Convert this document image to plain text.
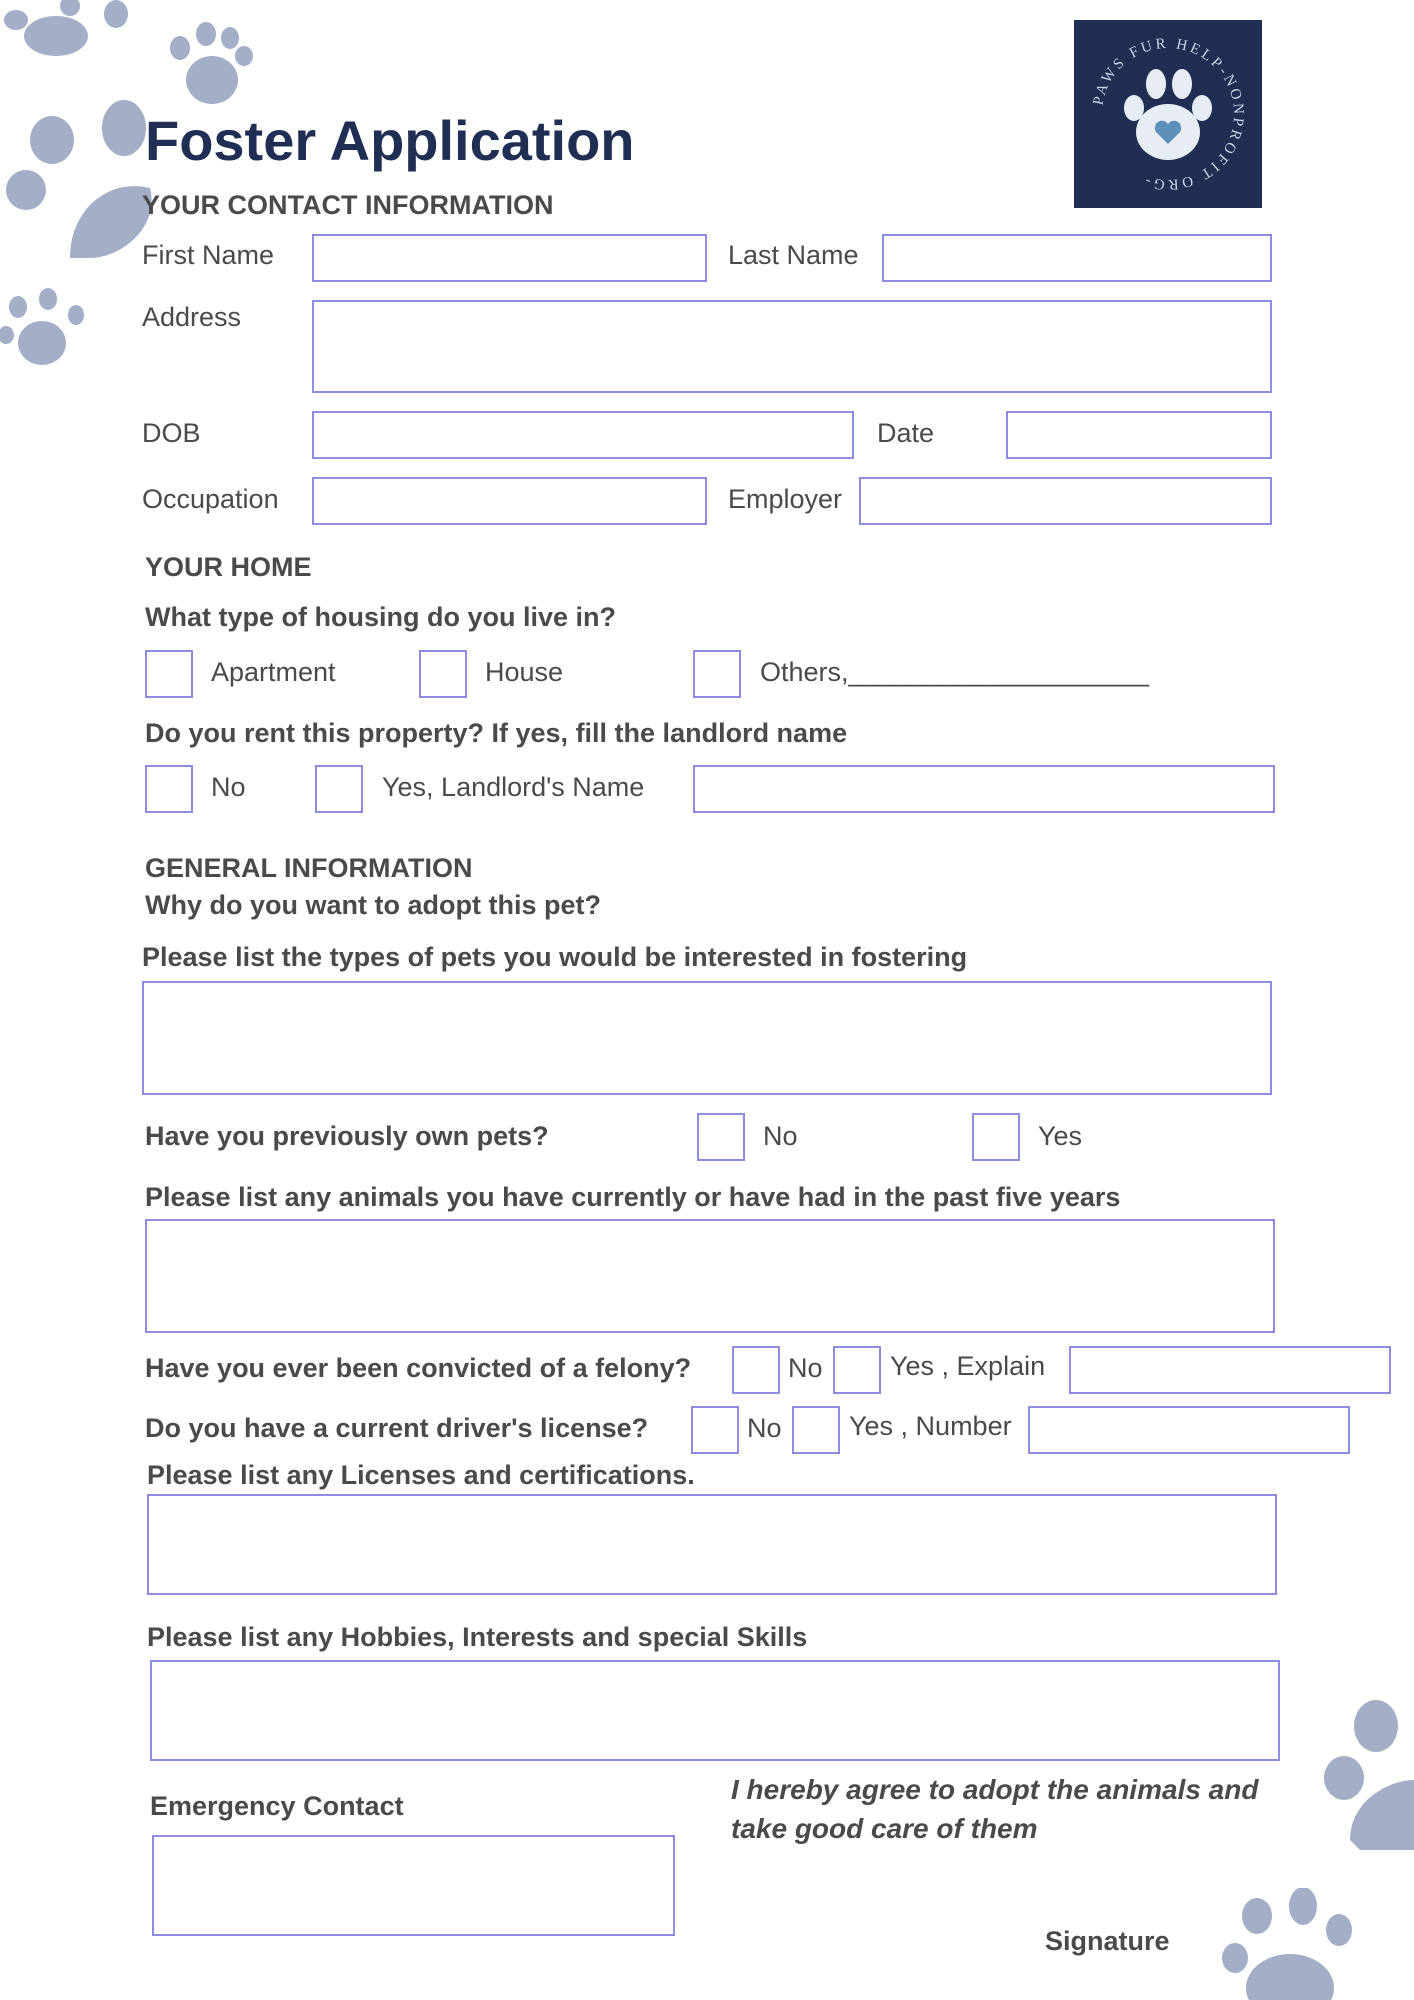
PAWS FUR HELP-NONPROFIT ORG-
Foster Application
YOUR CONTACT INFORMATION
First Name	Last Name
Address
DOB	Date
Occupation	Employer
YOUR HOME
What type of housing do you live in?
Apartment	House	Others,____________________
Do you rent this property? If yes, fill the landlord name
No	Yes, Landlord's Name
GENERAL INFORMATION
Why do you want to adopt this pet?
Please list the types of pets you would be interested in fostering
Have you previously own pets?	No	Yes
Please list any animals you have currently or have had in the past five years
Have you ever been convicted of a felony?	No Yes , Explain
Do you have a current driver's license?	No Yes , Number
Please list any Licenses and certifications.
Please list any Hobbies, Interests and special Skills
Emergency Contact
I hereby agree to adopt the animals and take good care of them
Signature
